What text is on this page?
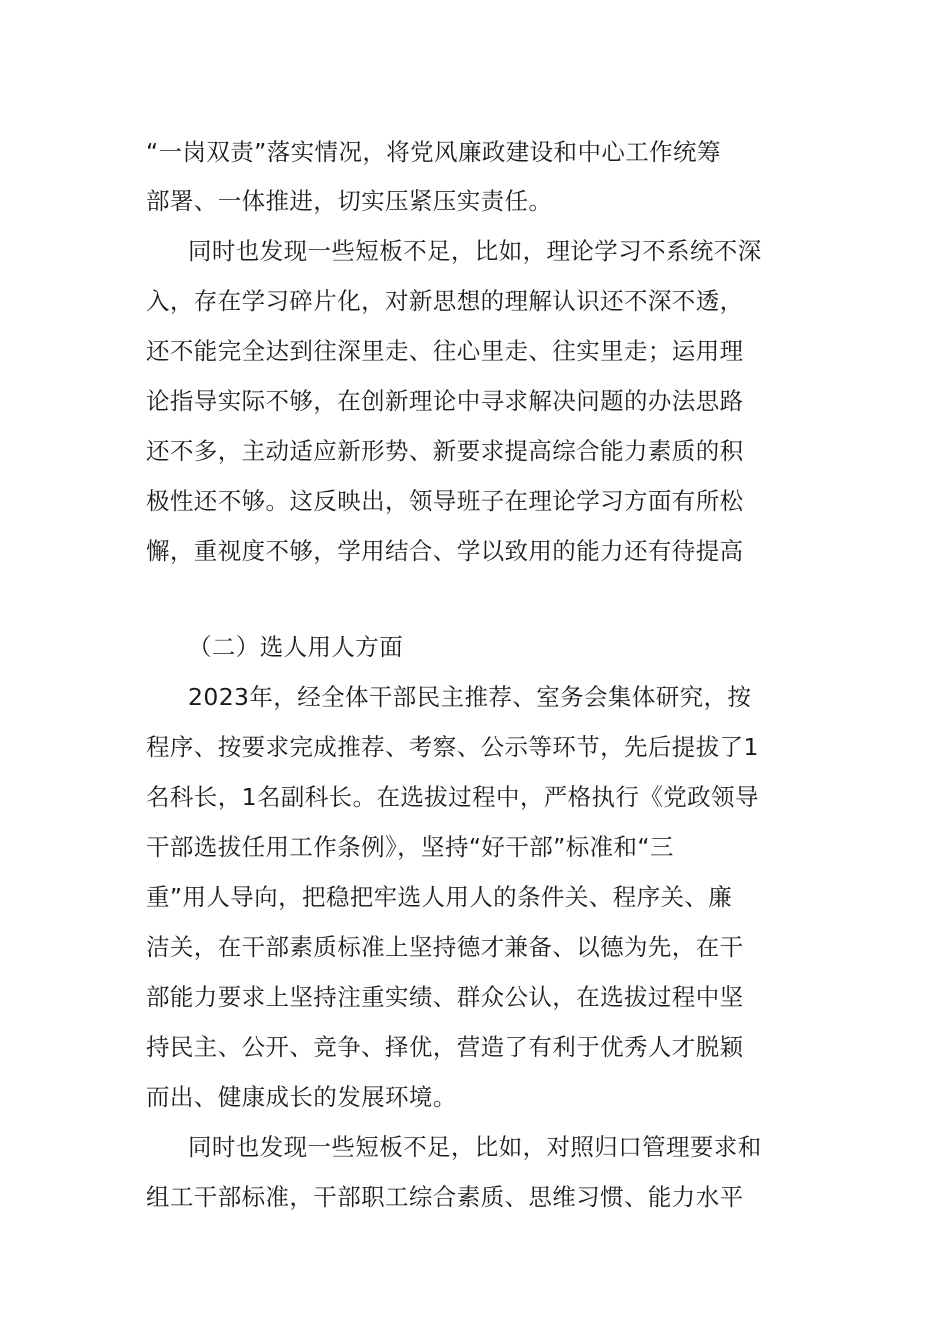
“一岗双责”落实情况，将党风廉政建设和中心工作统筹
部署、一体推进，切实压紧压实责任。
同时也发现一些短板不足，比如，理论学习不系统不深
入，存在学习碎片化，对新思想的理解认识还不深不透，
还不能完全达到往深里走、往心里走、往实里走；运用理
论指导实际不够，在创新理论中寻求解决问题的办法思路
还不多，主动适应新形势、新要求提高综合能力素质的积
极性还不够。这反映出，领导班子在理论学习方面有所松
懈，重视度不够，学用结合、学以致用的能力还有待提高
（二）选人用人方面
2023年，经全体干部民主推荐、室务会集体研究，按
程序、按要求完成推荐、考察、公示等环节，先后提拔了1
名科长，1名副科长。在选拔过程中，严格执行《党政领导
干部选拔任用工作条例》，坚持“好干部”标准和“三
重”用人导向，把稳把牢选人用人的条件关、程序关、廉
洁关，在干部素质标准上坚持德才兼备、以德为先，在干
部能力要求上坚持注重实绩、群众公认，在选拔过程中坚
持民主、公开、竞争、择优，营造了有利于优秀人才脱颖
而出、健康成长的发展环境。
同时也发现一些短板不足，比如，对照归口管理要求和
组工干部标准，干部职工综合素质、思维习惯、能力水平
